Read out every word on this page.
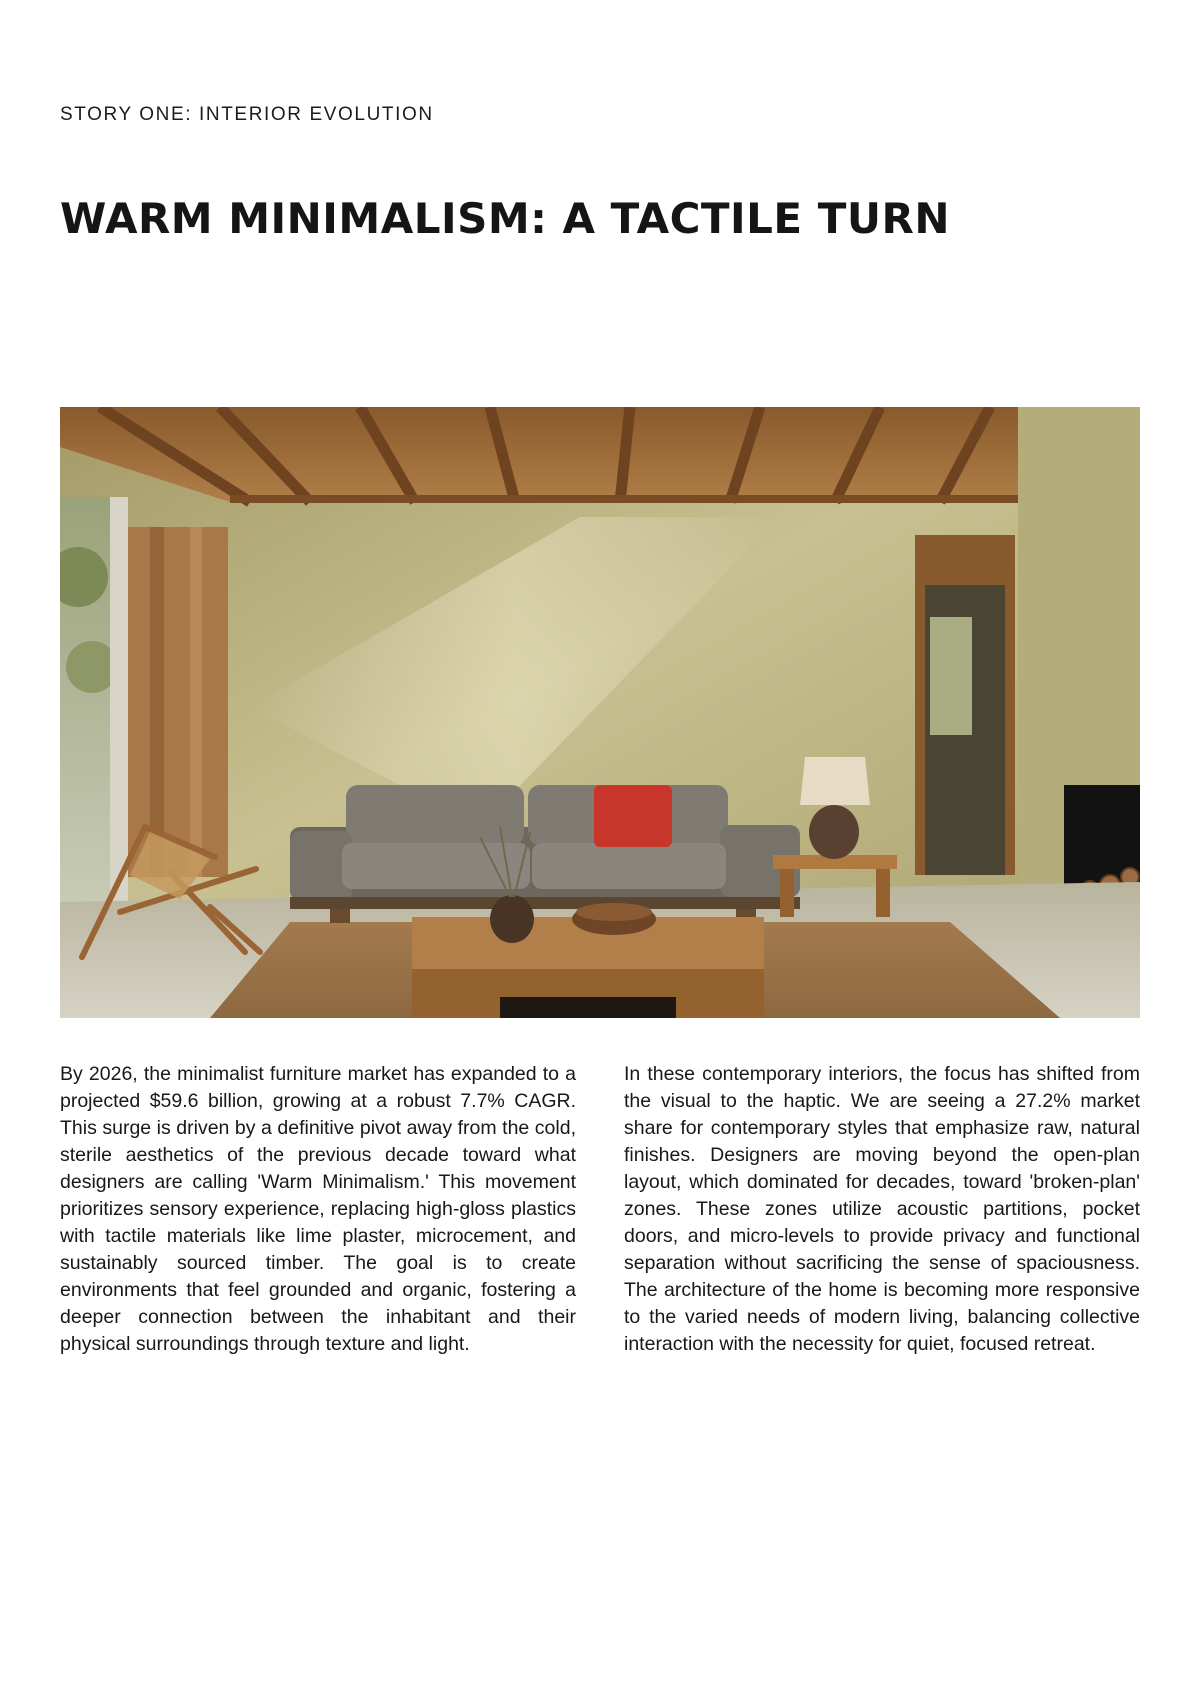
STORY ONE: INTERIOR EVOLUTION
WARM MINIMALISM: A TACTILE TURN

By 2026, the minimalist furniture market has expanded to a projected $59.6 billion, growing at a robust 7.7% CAGR. This surge is driven by a definitive pivot away from the cold, sterile aesthetics of the previous decade toward what designers are calling 'Warm Minimalism.' This movement prioritizes sensory experience, replacing high-gloss plastics with tactile materials like lime plaster, microcement, and sustainably sourced timber. The goal is to create environments that feel grounded and organic, fostering a deeper connection between the inhabitant and their physical surroundings through texture and light.

In these contemporary interiors, the focus has shifted from the visual to the haptic. We are seeing a 27.2% market share for contemporary styles that emphasize raw, natural finishes. Designers are moving beyond the open-plan layout, which dominated for decades, toward 'broken-plan' zones. These zones utilize acoustic partitions, pocket doors, and micro-levels to provide privacy and functional separation without sacrificing the sense of spaciousness. The architecture of the home is becoming more responsive to the varied needs of modern living, balancing collective interaction with the necessity for quiet, focused retreat.
